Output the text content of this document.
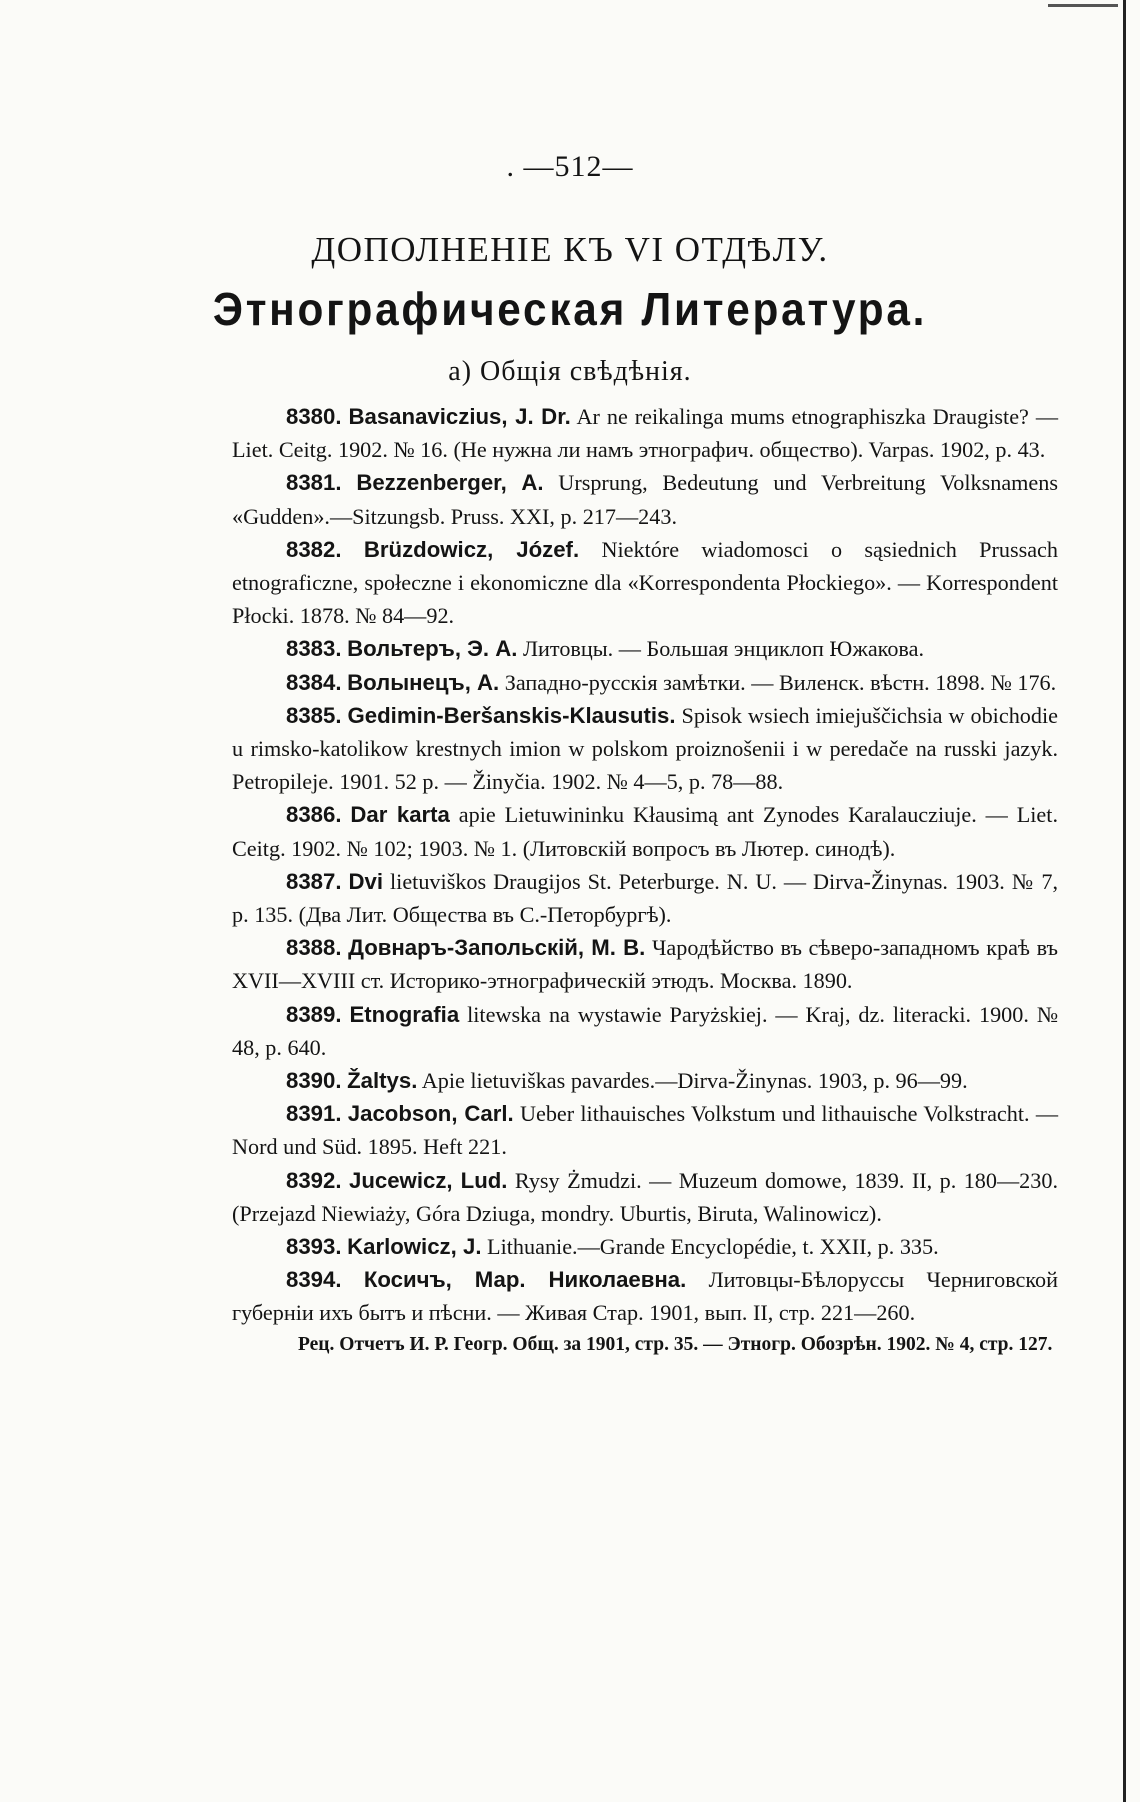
. —512—
ДОПОЛНЕНІЕ КЪ VI ОТДѢЛУ.
Этнографическая Литература.
а) Общія свѣдѣнія.

8380. Basanaviczius, J. Dr. Ar ne reikalinga mums etnographiszka Draugiste? — Liet. Ceitg. 1902. № 16. (Не нужна ли намъ этнографич. общество). Varpas. 1902, p. 43.

8381. Bezzenberger, A. Ursprung, Bedeutung und Verbreitung Volksnamens «Gudden».—Sitzungsb. Pruss. XXI, p. 217—243.

8382. Brüzdowicz, Józef. Niektóre wiadomosci o sąsiednich Prussach etnograficzne, społeczne i ekonomiczne dla «Korrespondenta Płockiego». — Korrespondent Płocki. 1878. № 84—92.

8383. Вольтеръ, Э. А. Литовцы. — Большая энциклоп Южакова.

8384. Волынецъ, А. Западно-русскія замѣтки. — Виленск. вѣстн. 1898. № 176.

8385. Gedimin-Beršanskis-Klausutis. Spisok wsiech imiejuščichsia w obichodie u rimsko-katolikow krestnych imion w polskom proiznošenii i w peredače na russki jazyk. Petropileje. 1901. 52 p. — Žinyčia. 1902. № 4—5, p. 78—88.

8386. Dar karta apie Lietuwininku Kłausimą ant Zynodes Karalaucziuje. — Liet. Ceitg. 1902. № 102; 1903. № 1. (Литовскій вопросъ въ Лютер. синодѣ).

8387. Dvi lietuviškos Draugijos St. Peterburge. N. U. — Dirva-Žinynas. 1903. № 7, p. 135. (Два Лит. Общества въ С.-Петорбургѣ).

8388. Довнаръ-Запольскій, М. В. Чародѣйство въ сѣверо-западномъ краѣ въ XVII—XVIII ст. Историко-этнографическій этюдъ. Москва. 1890.

8389. Etnografia litewska na wystawie Paryżskiej. — Kraj, dz. literacki. 1900. № 48, p. 640.

8390. Žaltys. Apie lietuviškas pavardes.—Dirva-Žinynas. 1903, p. 96—99.

8391. Jacobson, Carl. Ueber lithauisches Volkstum und lithauische Volkstracht. — Nord und Süd. 1895. Heft 221.

8392. Jucewicz, Lud. Rysy Żmudzi. — Muzeum domowe, 1839. II, p. 180—230. (Przejazd Niewiaży, Góra Dziuga, mondry. Uburtis, Biruta, Walinowicz).

8393. Karlowicz, J. Lithuanie.—Grande Encyclopédie, t. XXII, p. 335.

8394. Косичъ, Мар. Николаевна. Литовцы-Бѣлоруссы Черниговской губерніи ихъ бытъ и пѣсни. — Живая Стар. 1901, вып. II, стр. 221—260.

Рец. Отчетъ И. Р. Геогр. Общ. за 1901, стр. 35. — Этногр. Обозрѣн. 1902. № 4, стр. 127.
